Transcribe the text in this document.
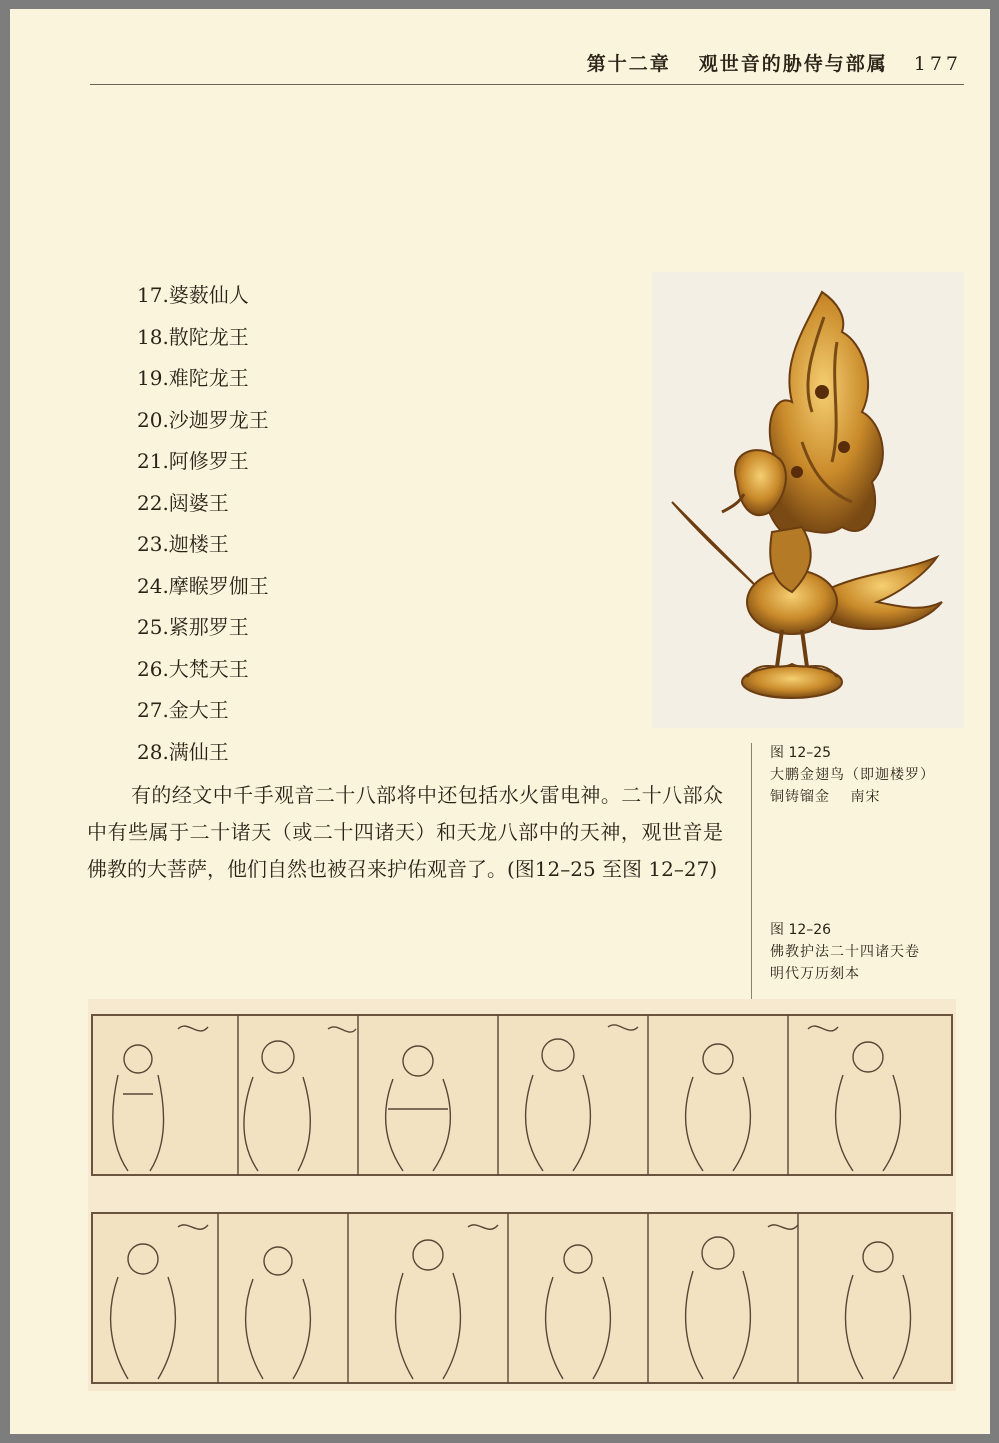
第十二章 观世音的胁侍与部属 177
17.婆薮仙人
18.散陀龙王
19.难陀龙王
20.沙迦罗龙王
21.阿修罗王
22.闼婆王
23.迦楼王
24.摩睺罗伽王
25.紧那罗王
26.大梵天王
27.金大王
28.满仙王

有的经文中千手观音二十八部将中还包括水火雷电神。二十八部众中有些属于二十诸天（或二十四诸天）和天龙八部中的天神，观世音是佛教的大菩萨，他们自然也被召来护佑观音了。(图12–25 至图 12–27)

图 12–25
大鹏金翅鸟（即迦楼罗）
铜铸镏金　 南宋
图 12–26
佛教护法二十四诸天卷
明代万历刻本
